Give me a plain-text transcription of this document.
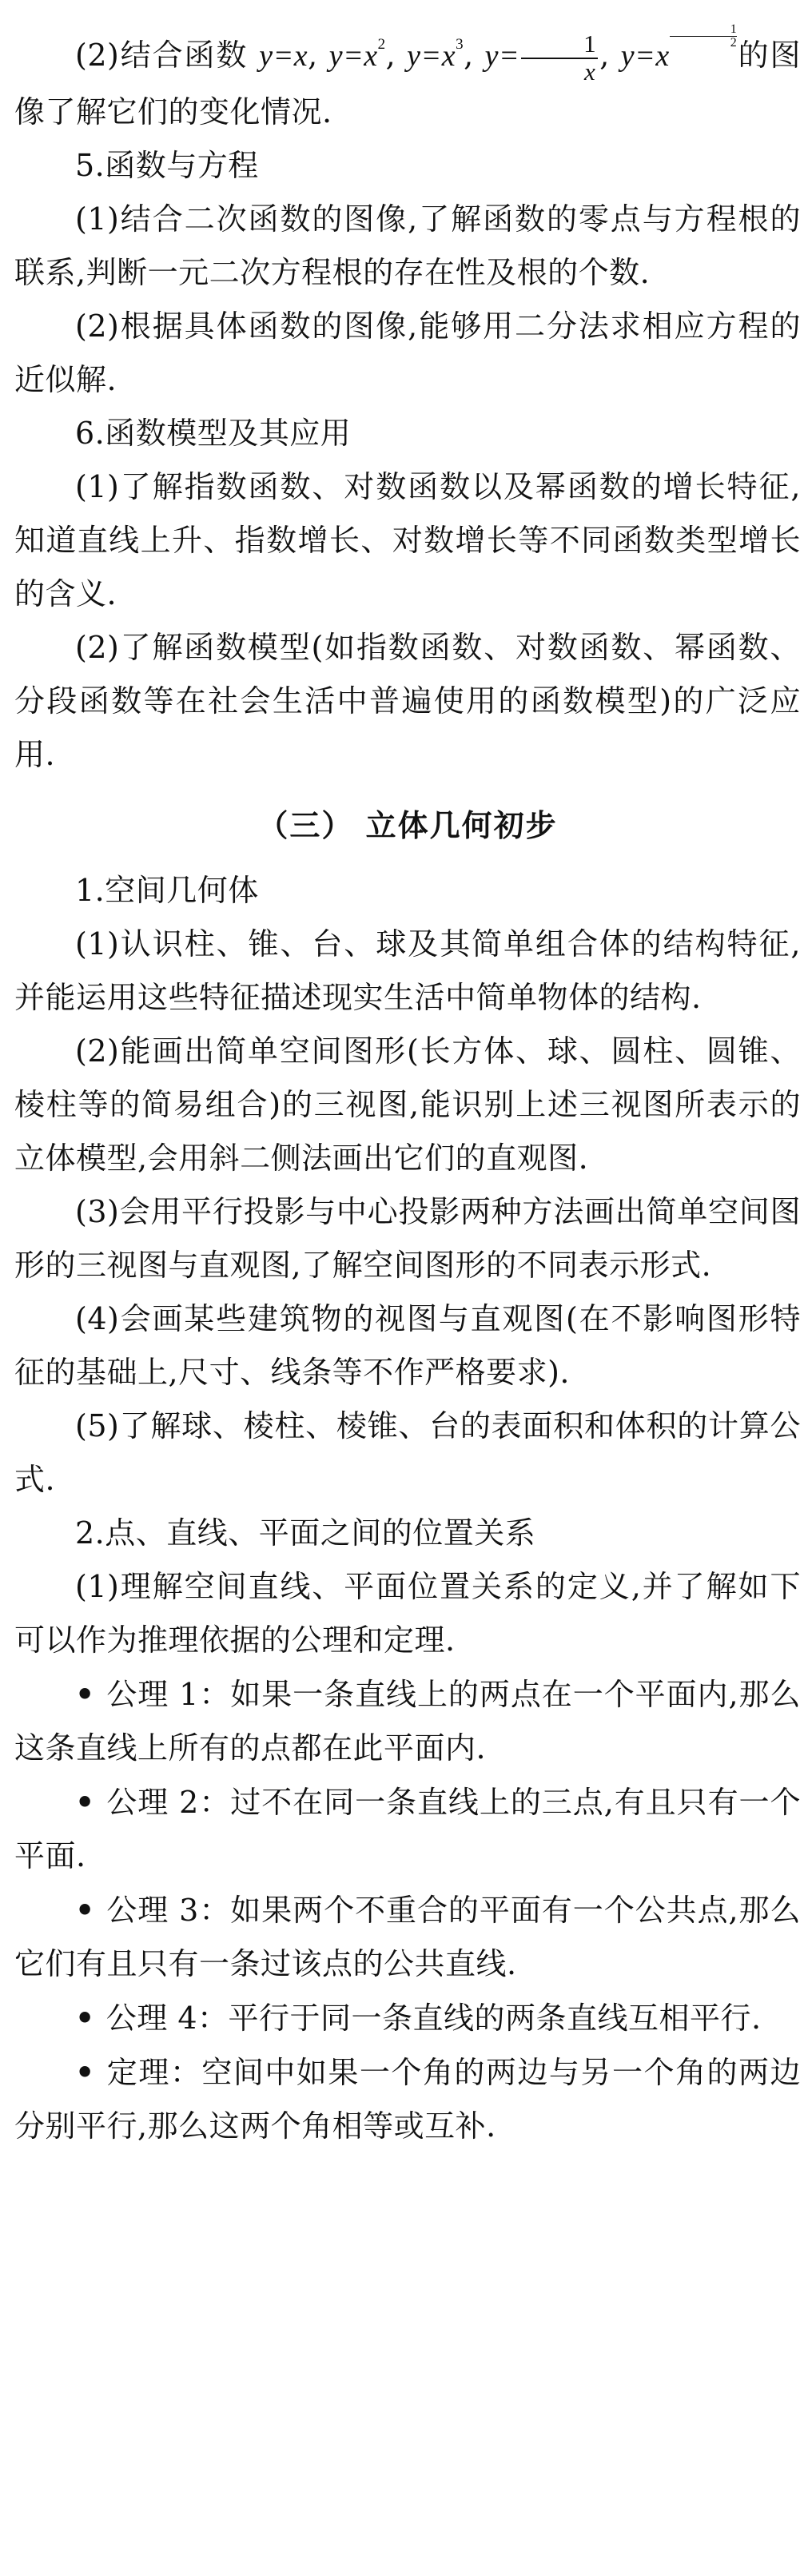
(2)结合函数 y=x, $y=x^2$, $y=x^3$, $y= \frac{1}{x}$ , y=x
$\frac{1}{2}$
的图像了解它们的变化情况.

5.函数与方程

(1)结合二次函数的图像,了解函数的零点与方程根的联系,判断一元二次方程根的存在性及根的个数.

(2)根据具体函数的图像,能够用二分法求相应方程的近似解.

6.函数模型及其应用

(1)了解指数函数、对数函数以及幂函数的增长特征,知道直线上升、指数增长、对数增长等不同函数类型增长的含义.

(2)了解函数模型(如指数函数、对数函数、幂函数、分段函数等在社会生活中普遍使用的函数模型)的广泛应用.

（三） 立体几何初步

1.空间几何体

(1)认识柱、锥、台、球及其简单组合体的结构特征,并能运用这些特征描述现实生活中简单物体的结构.

(2)能画出简单空间图形(长方体、球、圆柱、圆锥、棱柱等的简易组合)的三视图,能识别上述三视图所表示的立体模型,会用斜二侧法画出它们的直观图.

(3)会用平行投影与中心投影两种方法画出简单空间图形的三视图与直观图,了解空间图形的不同表示形式.

(4)会画某些建筑物的视图与直观图(在不影响图形特征的基础上,尺寸、线条等不作严格要求).

(5)了解球、棱柱、棱锥、台的表面积和体积的计算公式.

2.点、直线、平面之间的位置关系

(1)理解空间直线、平面位置关系的定义,并了解如下可以作为推理依据的公理和定理.

• 公理 1：如果一条直线上的两点在一个平面内,那么这条直线上所有的点都在此平面内.

• 公理 2：过不在同一条直线上的三点,有且只有一个平面.

• 公理 3：如果两个不重合的平面有一个公共点,那么它们有且只有一条过该点的公共直线.

• 公理 4：平行于同一条直线的两条直线互相平行.

• 定理：空间中如果一个角的两边与另一个角的两边分别平行,那么这两个角相等或互补.
